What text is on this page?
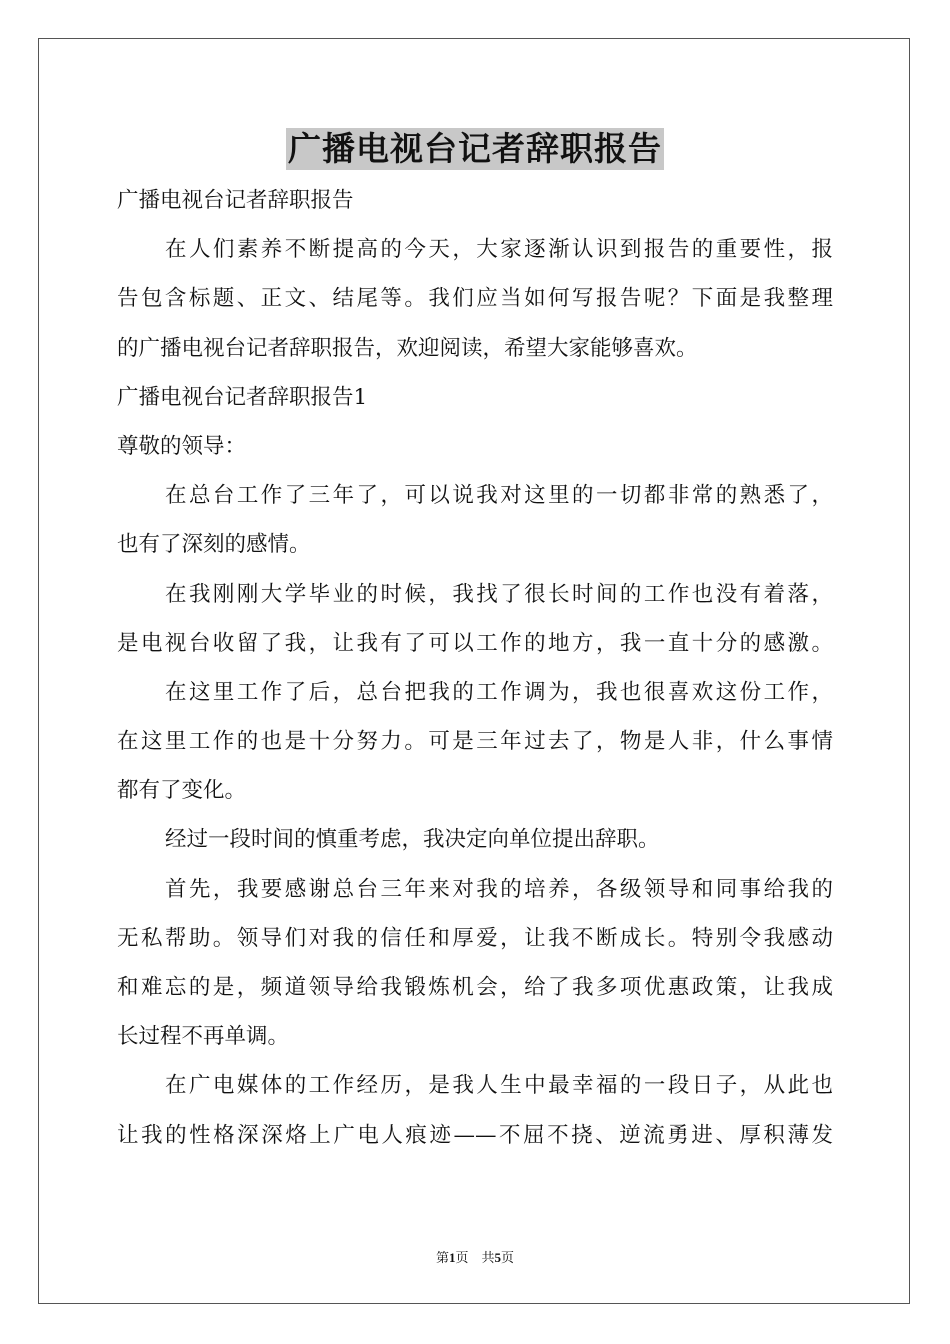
广播电视台记者辞职报告
广播电视台记者辞职报告
在人们素养不断提高的今天，大家逐渐认识到报告的重要性，报
告包含标题、正文、结尾等。我们应当如何写报告呢？下面是我整理
的广播电视台记者辞职报告，欢迎阅读，希望大家能够喜欢。
广播电视台记者辞职报告1
尊敬的领导：
在总台工作了三年了，可以说我对这里的一切都非常的熟悉了，
也有了深刻的感情。
在我刚刚大学毕业的时候，我找了很长时间的工作也没有着落，
是电视台收留了我，让我有了可以工作的地方，我一直十分的感激。
在这里工作了后，总台把我的工作调为，我也很喜欢这份工作，
在这里工作的也是十分努力。可是三年过去了，物是人非，什么事情
都有了变化。
经过一段时间的慎重考虑，我决定向单位提出辞职。
首先，我要感谢总台三年来对我的培养，各级领导和同事给我的
无私帮助。领导们对我的信任和厚爱，让我不断成长。特别令我感动
和难忘的是，频道领导给我锻炼机会，给了我多项优惠政策，让我成
长过程不再单调。
在广电媒体的工作经历，是我人生中最幸福的一段日子，从此也
让我的性格深深烙上广电人痕迹——不屈不挠、逆流勇进、厚积薄发
第1页　共5页
